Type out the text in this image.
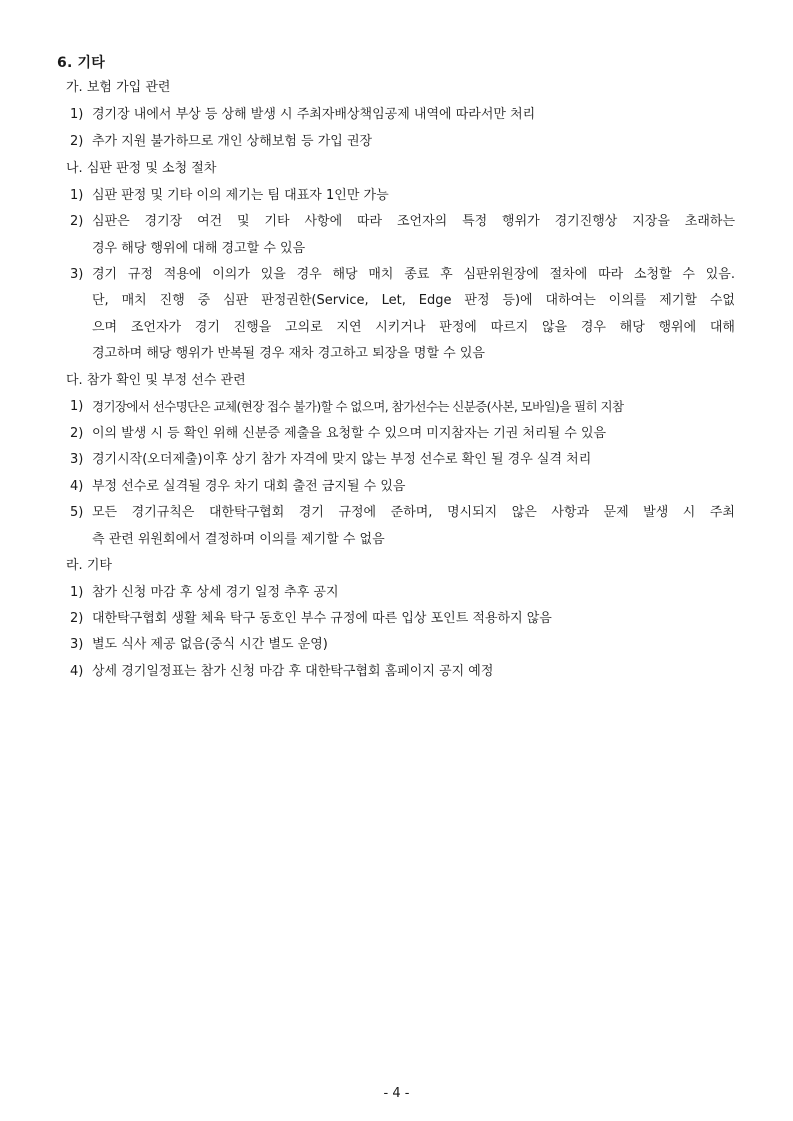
6. 기타
가. 보험 가입 관련
1) 경기장 내에서 부상 등 상해 발생 시 주최자배상책임공제 내역에 따라서만 처리
2) 추가 지원 불가하므로 개인 상해보험 등 가입 권장
나. 심판 판정 및 소청 절차
1) 심판 판정 및 기타 이의 제기는 팀 대표자 1인만 가능
2) 심판은 경기장 여건 및 기타 사항에 따라 조언자의 특정 행위가 경기진행상 지장을 초래하는
경우 해당 행위에 대해 경고할 수 있음
3) 경기 규정 적용에 이의가 있을 경우 해당 매치 종료 후 심판위원장에 절차에 따라 소청할 수 있음.
단, 매치 진행 중 심판 판정권한(Service, Let, Edge 판정 등)에 대하여는 이의를 제기할 수없
으며 조언자가 경기 진행을 고의로 지연 시키거나 판정에 따르지 않을 경우 해당 행위에 대해
경고하며 해당 행위가 반복될 경우 재차 경고하고 퇴장을 명할 수 있음
다. 참가 확인 및 부정 선수 관련
1) 경기장에서 선수명단은 교체(현장 접수 불가)할 수 없으며, 참가선수는 신분증(사본, 모바일)을 필히 지참
2) 이의 발생 시 등 확인 위해 신분증 제출을 요청할 수 있으며 미지참자는 기권 처리될 수 있음
3) 경기시작(오더제출)이후 상기 참가 자격에 맞지 않는 부정 선수로 확인 될 경우 실격 처리
4) 부정 선수로 실격될 경우 차기 대회 출전 금지될 수 있음
5) 모든 경기규칙은 대한탁구협회 경기 규정에 준하며, 명시되지 않은 사항과 문제 발생 시 주최
측 관련 위원회에서 결정하며 이의를 제기할 수 없음
라. 기타
1) 참가 신청 마감 후 상세 경기 일정 추후 공지
2) 대한탁구협회 생활 체육 탁구 동호인 부수 규정에 따른 입상 포인트 적용하지 않음
3) 별도 식사 제공 없음(중식 시간 별도 운영)
4) 상세 경기일정표는 참가 신청 마감 후 대한탁구협회 홈페이지 공지 예정
- 4 -
